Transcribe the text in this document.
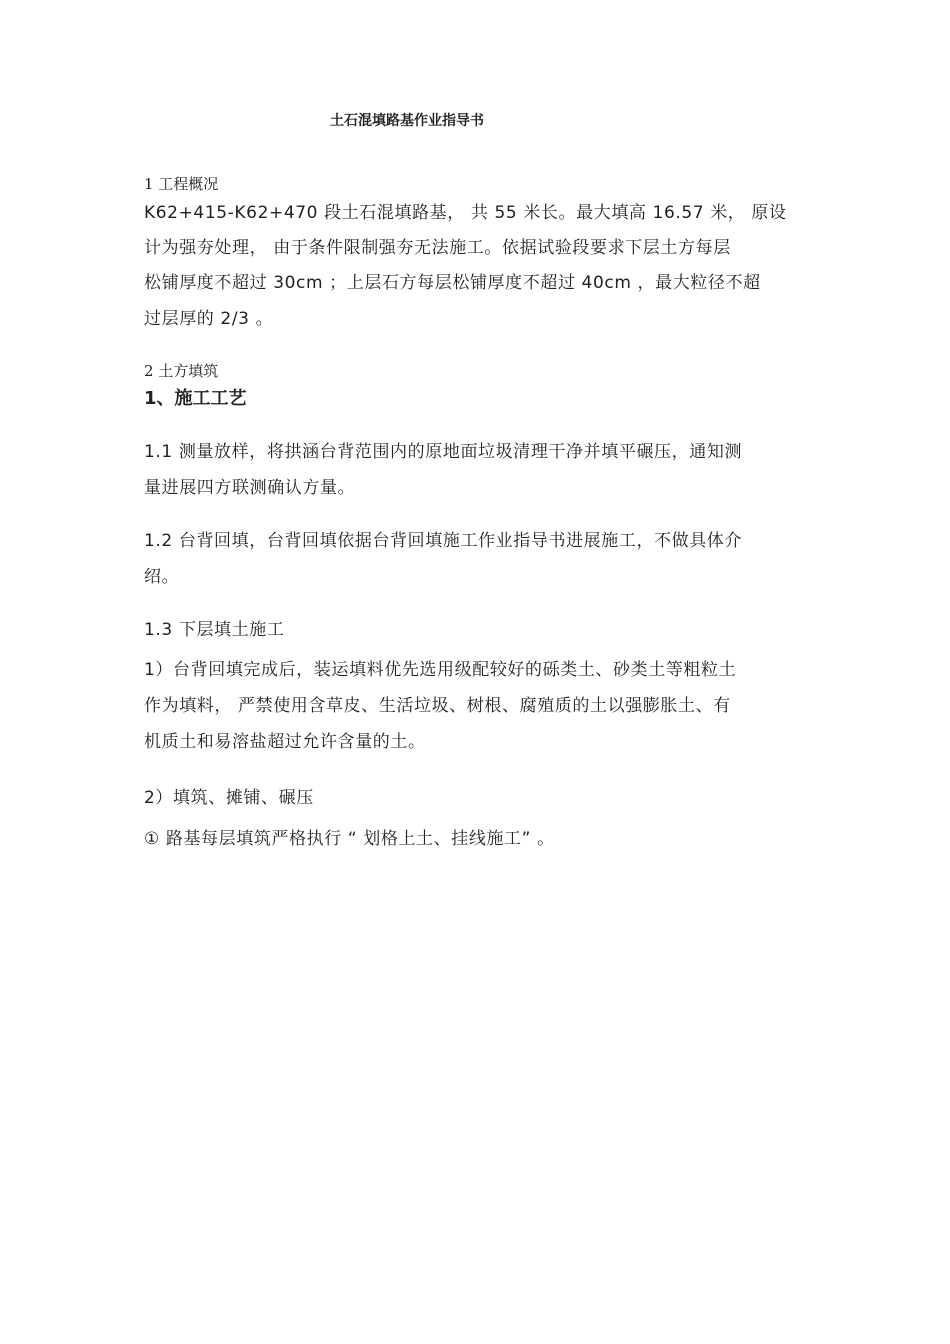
土石混填路基作业指导书
1 工程概况
K62+415-K62+470 段土石混填路基， 共 55 米长。最大填高 16.57 米， 原设
计为强夯处理， 由于条件限制强夯无法施工。依据试验段要求下层土方每层
松铺厚度不超过 30cm ；上层石方每层松铺厚度不超过 40cm ，最大粒径不超
过层厚的 2/3 。
2 土方填筑
1、施工工艺
1.1 测量放样，将拱涵台背范围内的原地面垃圾清理干净并填平碾压，通知测
量进展四方联测确认方量。
1.2 台背回填，台背回填依据台背回填施工作业指导书进展施工，不做具体介
绍。
1.3 下层填土施工
1）台背回填完成后，装运填料优先选用级配较好的砾类土、砂类土等粗粒土
作为填料， 严禁使用含草皮、生活垃圾、树根、腐殖质的土以强膨胀土、有
机质土和易溶盐超过允许含量的土。
2）填筑、摊铺、碾压
① 路基每层填筑严格执行 “ 划格上土、挂线施工” 。
